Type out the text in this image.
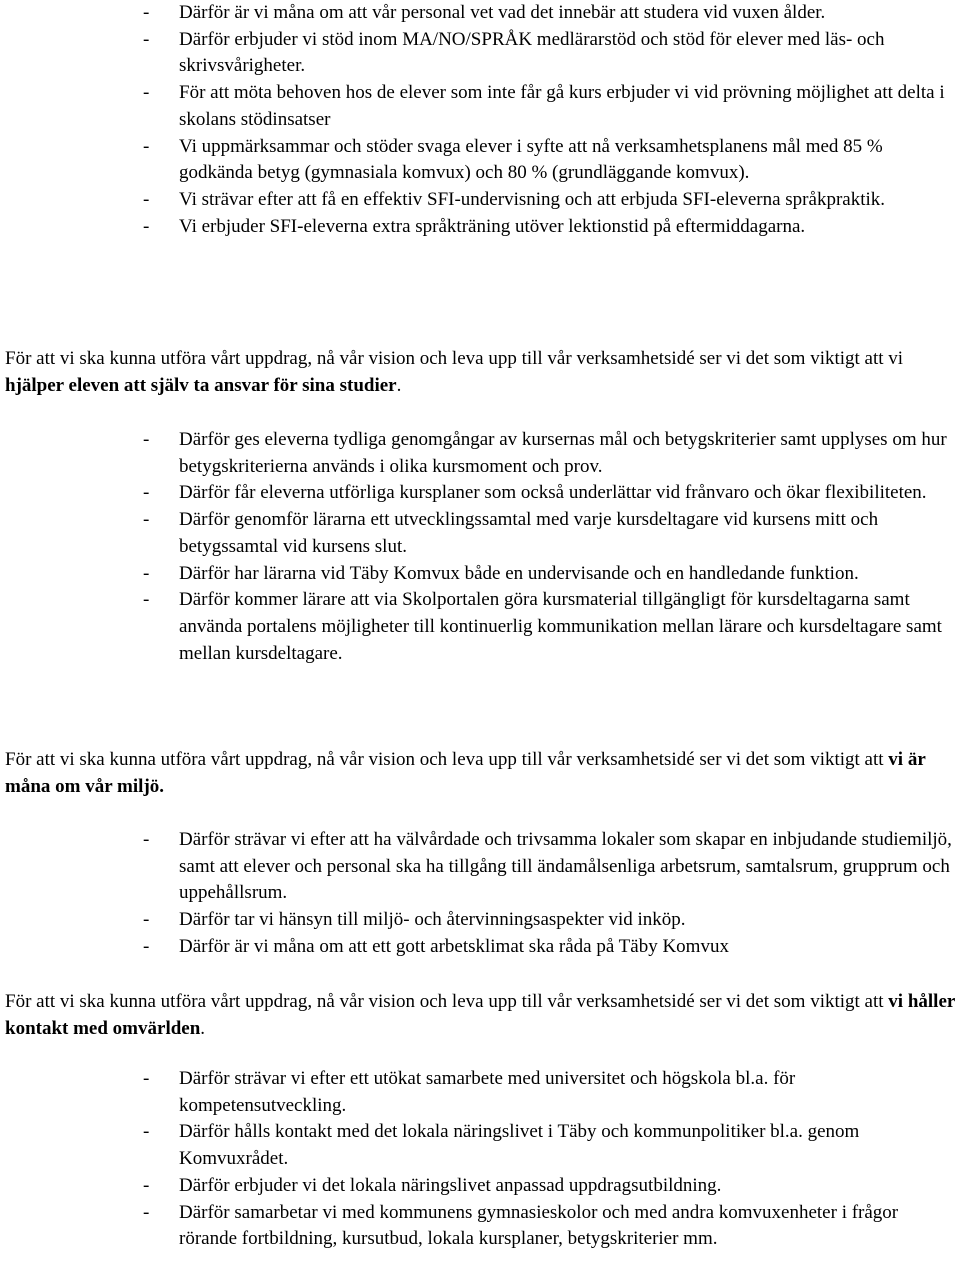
- Därför är vi måna om att vår personal vet vad det innebär att studera vid vuxen ålder.
- Därför erbjuder vi stöd inom MA/NO/SPRÅK medlärarstöd och stöd för elever med läs- och skrivsvårigheter.
- För att möta behoven hos de elever som inte får gå kurs erbjuder vi vid prövning möjlighet att delta i skolans stödinsatser
- Vi uppmärksammar och stöder svaga elever i syfte att nå verksamhetsplanens mål med 85 % godkända betyg (gymnasiala komvux) och 80 % (grundläggande komvux).
- Vi strävar efter att få en effektiv SFI-undervisning och att erbjuda SFI-eleverna språkpraktik.
- Vi erbjuder SFI-eleverna extra språkträning utöver lektionstid på eftermiddagarna.

För att vi ska kunna utföra vårt uppdrag, nå vår vision och leva upp till vår verksamhetsidé ser vi det som viktigt att vi hjälper eleven att själv ta ansvar för sina studier.

- Därför ges eleverna tydliga genomgångar av kursernas mål och betygskriterier samt upplyses om hur betygskriterierna används i olika kursmoment och prov.
- Därför får eleverna utförliga kursplaner som också underlättar vid frånvaro och ökar flexibiliteten.
- Därför genomför lärarna ett utvecklingssamtal med varje kursdeltagare vid kursens mitt och betygssamtal vid kursens slut.
- Därför har lärarna vid Täby Komvux både en undervisande och en handledande funktion.
- Därför kommer lärare att via Skolportalen göra kursmaterial tillgängligt för kursdeltagarna samt använda portalens möjligheter till kontinuerlig kommunikation mellan lärare och kursdeltagare samt mellan kursdeltagare.

För att vi ska kunna utföra vårt uppdrag, nå vår vision och leva upp till vår verksamhetsidé ser vi det som viktigt att vi är måna om vår miljö.

- Därför strävar vi efter att ha välvårdade och trivsamma lokaler som skapar en inbjudande studiemiljö, samt att elever och personal ska ha tillgång till ändamålsenliga arbetsrum, samtalsrum, grupprum och uppehållsrum.
- Därför tar vi hänsyn till miljö- och återvinningsaspekter vid inköp.
- Därför är vi måna om att ett gott arbetsklimat ska råda på Täby Komvux

För att vi ska kunna utföra vårt uppdrag, nå vår vision och leva upp till vår verksamhetsidé ser vi det som viktigt att vi håller kontakt med omvärlden.

- Därför strävar vi efter ett utökat samarbete med universitet och högskola bl.a. för kompetensutveckling.
- Därför hålls kontakt med det lokala näringslivet i Täby och kommunpolitiker bl.a. genom Komvuxrådet.
- Därför erbjuder vi det lokala näringslivet anpassad uppdragsutbildning.
- Därför samarbetar vi med kommunens gymnasieskolor och med andra komvuxenheter i frågor rörande fortbildning, kursutbud, lokala kursplaner, betygskriterier mm.
